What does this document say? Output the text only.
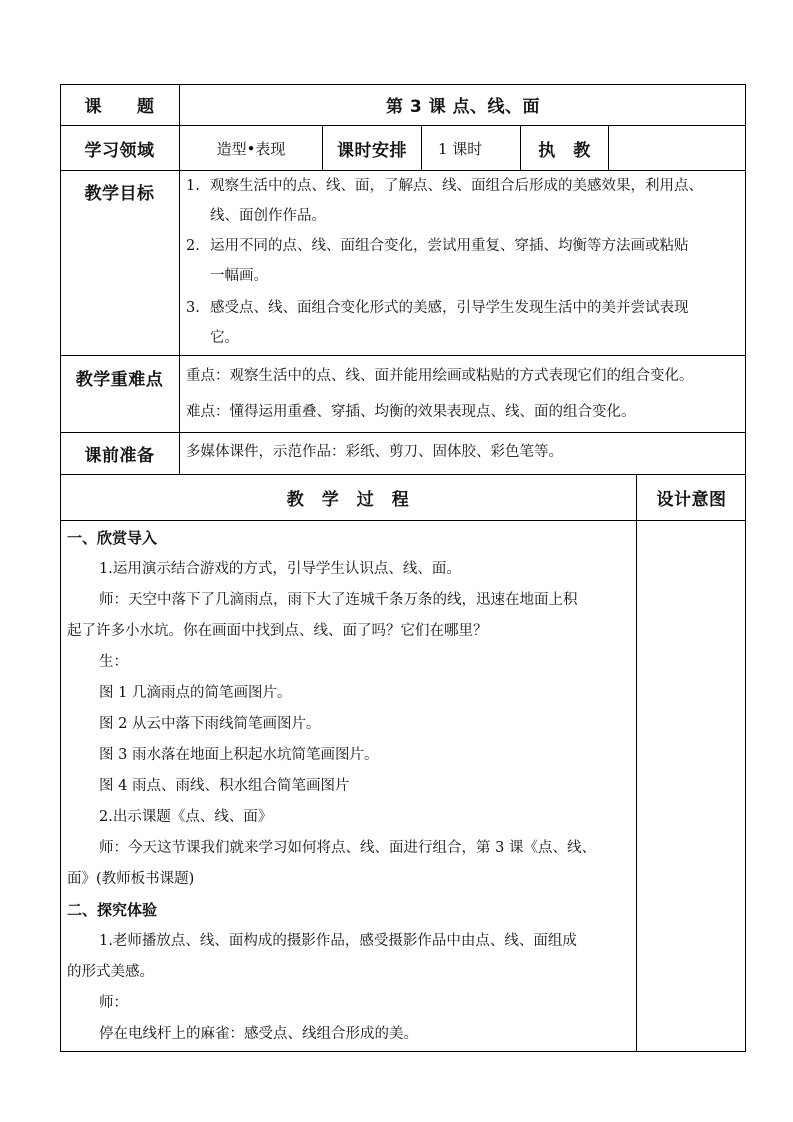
课　　题	第 3 课 点、线、面
学习领域	造型•表现	课时安排	1 课时	执　教
教学目标	1. 观察生活中的点、线、面，了解点、线、面组合后形成的美感效果，利用点、
线、面创作作品。
2. 运用不同的点、线、面组合变化，尝试用重复、穿插、均衡等方法画或粘贴
一幅画。
3. 感受点、线、面组合变化形式的美感，引导学生发现生活中的美并尝试表现
它。
教学重难点	重点：观察生活中的点、线、面并能用绘画或粘贴的方式表现它们的组合变化。
难点：懂得运用重叠、穿插、均衡的效果表现点、线、面的组合变化。
课前准备	多媒体课件，示范作品：彩纸、剪刀、固体胶、彩色笔等。
教　学　过　程	设计意图
一、欣赏导入
1.运用演示结合游戏的方式，引导学生认识点、线、面。
师：天空中落下了几滴雨点，雨下大了连城千条万条的线，迅速在地面上积
起了许多小水坑。你在画面中找到点、线、面了吗？它们在哪里？
生：
图 1 几滴雨点的简笔画图片。
图 2 从云中落下雨线简笔画图片。
图 3 雨水落在地面上积起水坑简笔画图片。
图 4 雨点、雨线、积水组合简笔画图片
2.出示课题《点、线、面》
师：今天这节课我们就来学习如何将点、线、面进行组合，第 3 课《点、线、
面》(教师板书课题)
二、探究体验
1.老师播放点、线、面构成的摄影作品，感受摄影作品中由点、线、面组成
的形式美感。
师：
停在电线杆上的麻雀：感受点、线组合形成的美。
